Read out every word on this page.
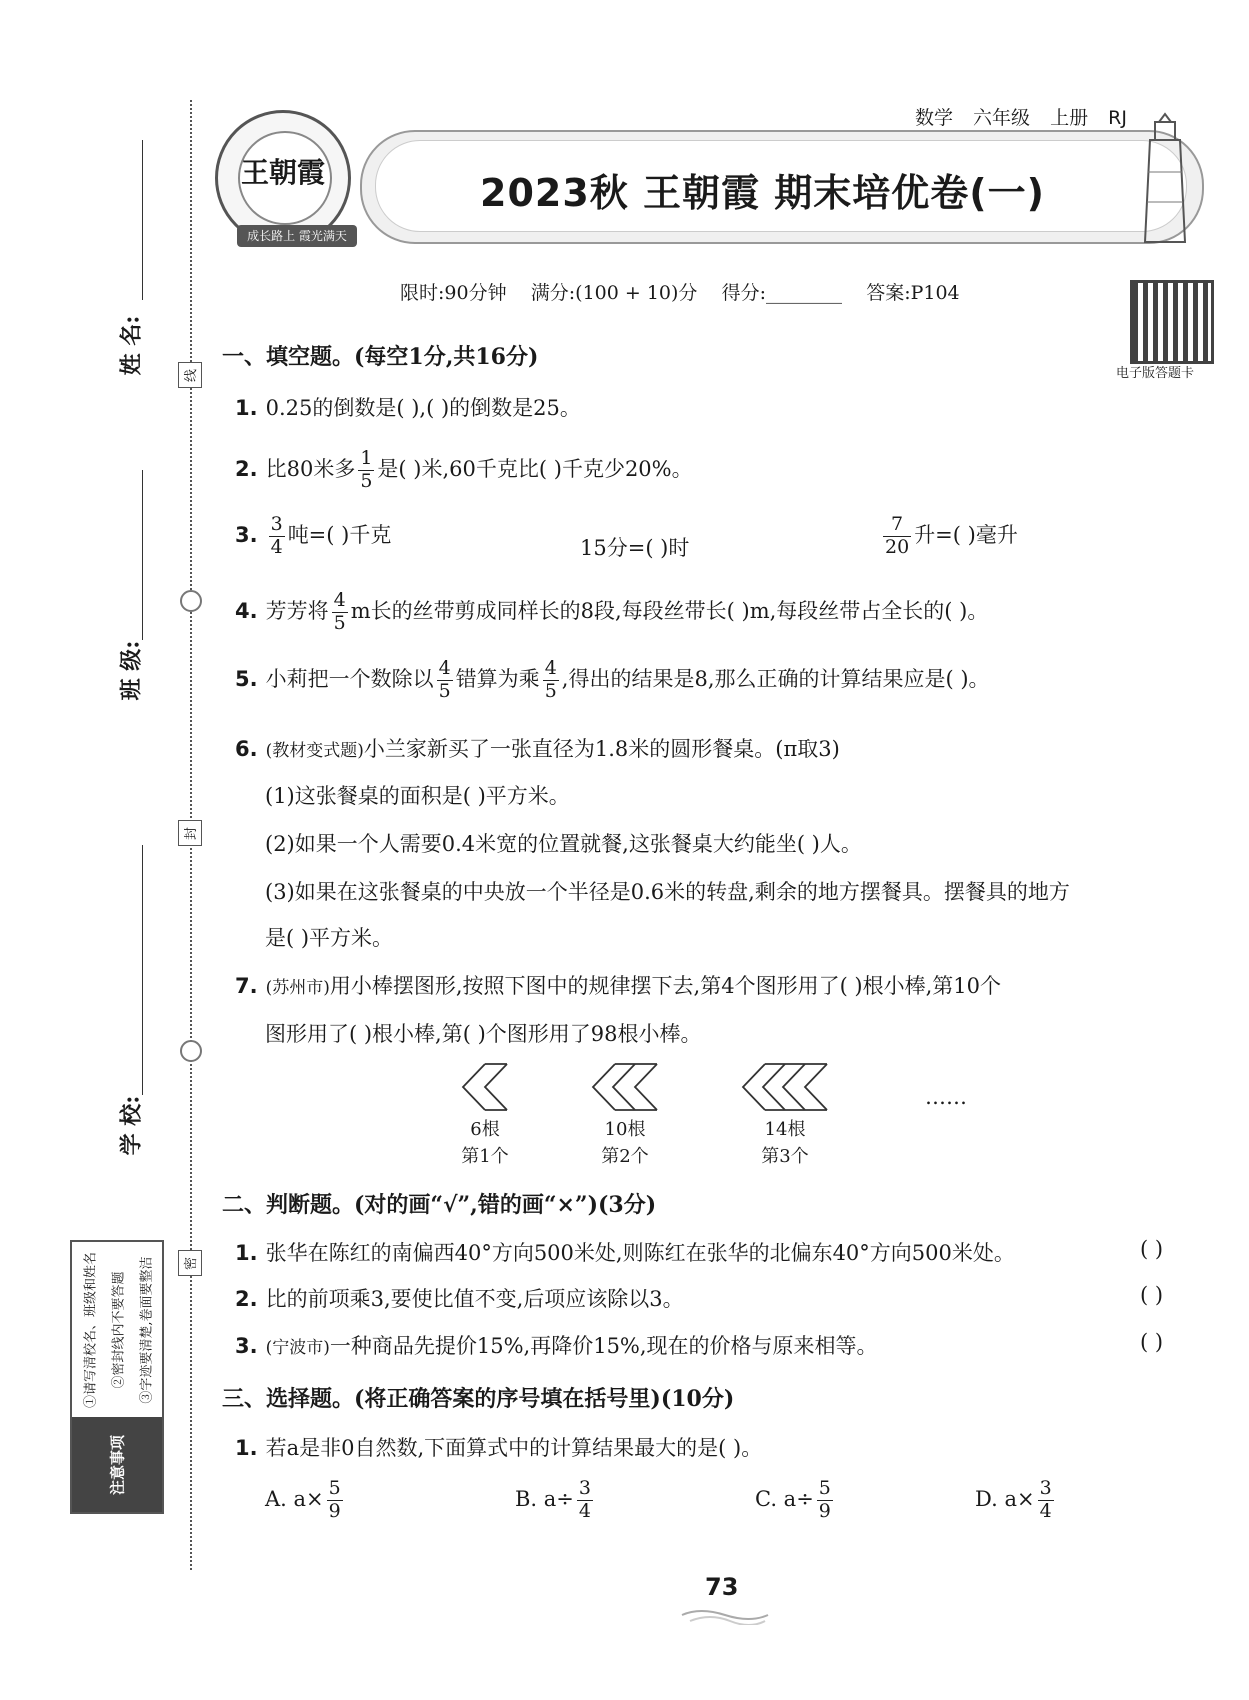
姓 名:
班 级:
学 校:
线
封
密
①请写清校名、班级和姓名	②密封线内不要答题	③字迹要清楚,卷面要整洁
注意事项
数学 六年级 上册 RJ
2023秋 王朝霞 期末培优卷(一)
王朝霞
成长路上 霞光满天
限时:90分钟 满分:(100 + 10)分 得分:________ 答案:P104
电子版答题卡
一、填空题。(每空1分,共16分)
1. 0.25的倒数是( ),( )的倒数是25。
2. 比80米多 $\frac{1}{5}$ 是( )米,60千克比( )千克少20%。
3. $\frac{3}{4}$ 吨=( )千克
15分=( )时	$\frac{7}{20}$ 升=( )毫升
4. 芳芳将 $\frac{4}{5}$ m长的丝带剪成同样长的8段,每段丝带长( )m,每段丝带占全长的( )。
5. 小莉把一个数除以 $\frac{4}{5}$ 错算为乘 $\frac{4}{5}$ ,得出的结果是8,那么正确的计算结果应是( )。
6. (教材变式题)小兰家新买了一张直径为1.8米的圆形餐桌。(π取3)
(1)这张餐桌的面积是( )平方米。
(2)如果一个人需要0.4米宽的位置就餐,这张餐桌大约能坐( )人。
(3)如果在这张餐桌的中央放一个半径是0.6米的转盘,剩余的地方摆餐具。摆餐具的地方
是( )平方米。
7. (苏州市)用小棒摆图形,按照下图中的规律摆下去,第4个图形用了( )根小棒,第10个
图形用了( )根小棒,第( )个图形用了98根小棒。
6根
第1个
10根
第2个
14根
第3个
……
二、判断题。(对的画“√”,错的画“×”)(3分)
1. 张华在陈红的南偏西40°方向500米处,则陈红在张华的北偏东40°方向500米处。	( )
2. 比的前项乘3,要使比值不变,后项应该除以3。	( )
3. (宁波市)一种商品先提价15%,再降价15%,现在的价格与原来相等。	( )
三、选择题。(将正确答案的序号填在括号里)(10分)
1. 若a是非0自然数,下面算式中的计算结果最大的是( )。
A. $a\times \frac{5}{9}$	B. $a\div \frac{3}{4}$	C. $a\div \frac{5}{9}$	D. $a\times \frac{3}{4}$
73
